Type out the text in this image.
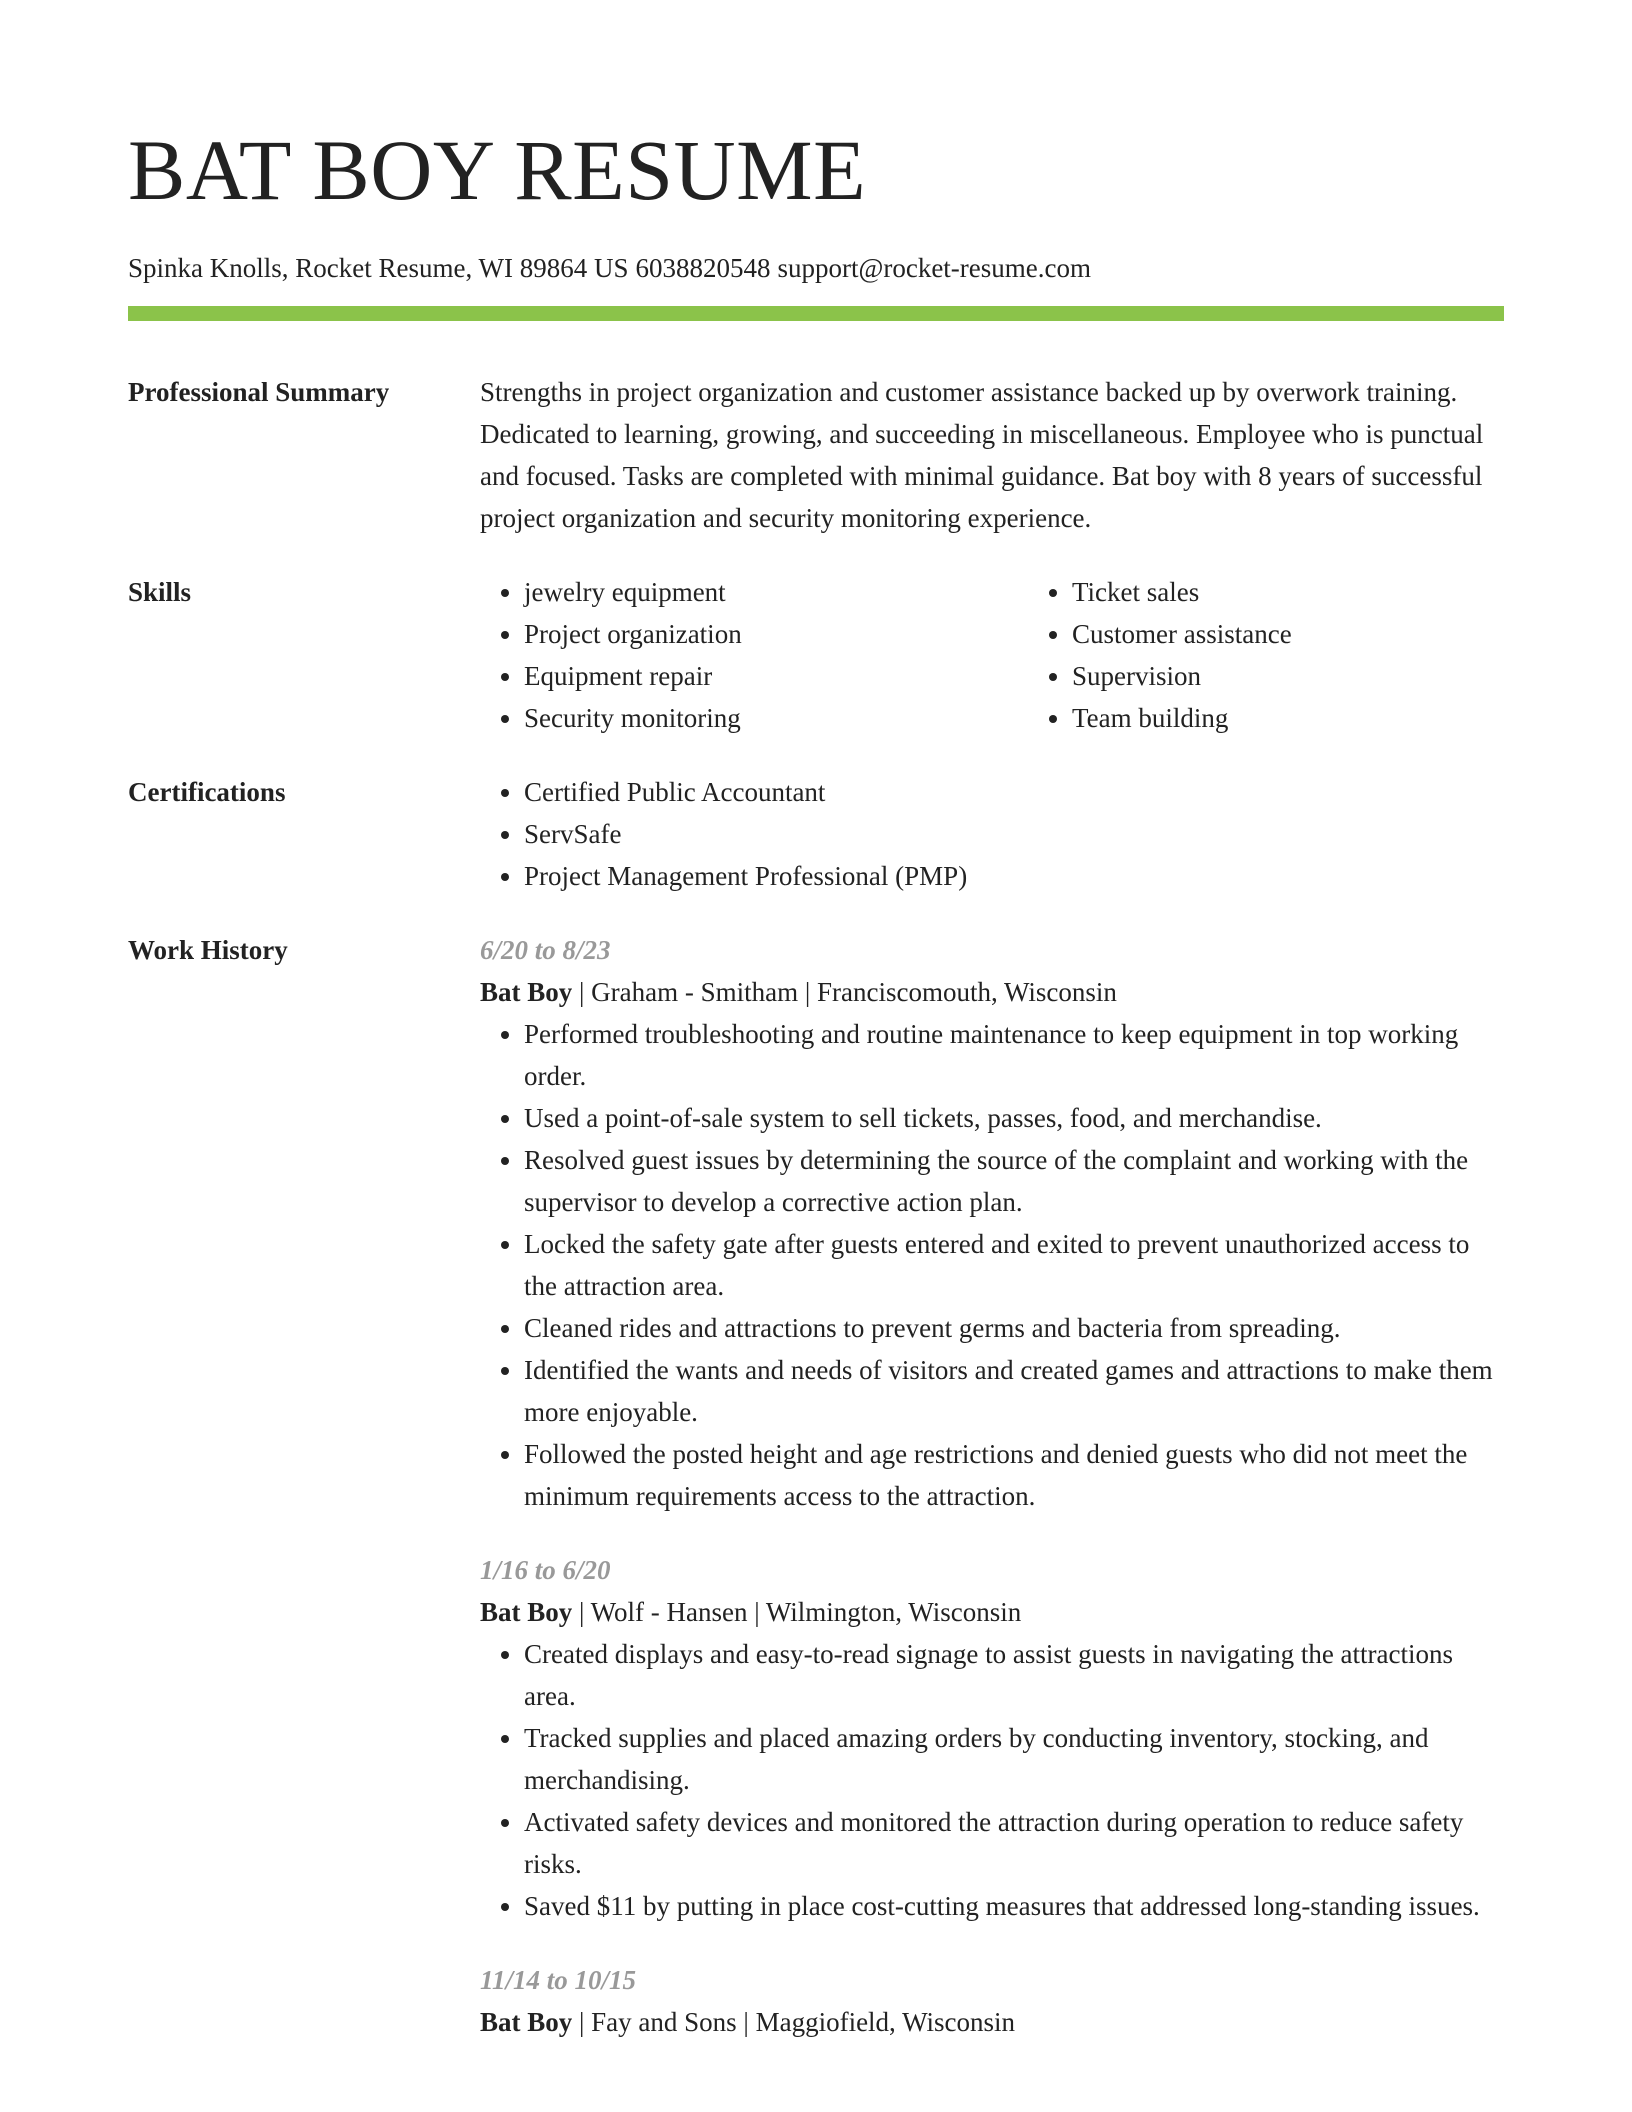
BAT BOY RESUME
Spinka Knolls, Rocket Resume, WI 89864 US 6038820548 support@rocket-resume.com
Professional Summary	Strengths in project organization and customer assistance backed up by overwork training. Dedicated to learning, growing, and succeeding in miscellaneous. Employee who is punctual and focused. Tasks are completed with minimal guidance. Bat boy with 8 years of successful project organization and security monitoring experience.
Skills	• jewelry equipment
• Project organization
• Equipment repair
• Security monitoring
• Ticket sales
• Customer assistance
• Supervision
• Team building
Certifications	• Certified Public Accountant
• ServSafe
• Project Management Professional (PMP)
Work History	6/20 to 8/23
Bat Boy | Graham - Smitham | Franciscomouth, Wisconsin
• Performed troubleshooting and routine maintenance to keep equipment in top working order.
• Used a point-of-sale system to sell tickets, passes, food, and merchandise.
• Resolved guest issues by determining the source of the complaint and working with the supervisor to develop a corrective action plan.
• Locked the safety gate after guests entered and exited to prevent unauthorized access to the attraction area.
• Cleaned rides and attractions to prevent germs and bacteria from spreading.
• Identified the wants and needs of visitors and created games and attractions to make them more enjoyable.
• Followed the posted height and age restrictions and denied guests who did not meet the minimum requirements access to the attraction.
1/16 to 6/20
Bat Boy | Wolf - Hansen | Wilmington, Wisconsin
• Created displays and easy-to-read signage to assist guests in navigating the attractions area.
• Tracked supplies and placed amazing orders by conducting inventory, stocking, and merchandising.
• Activated safety devices and monitored the attraction during operation to reduce safety risks.
• Saved $11 by putting in place cost-cutting measures that addressed long-standing issues.
11/14 to 10/15
Bat Boy | Fay and Sons | Maggiofield, Wisconsin
